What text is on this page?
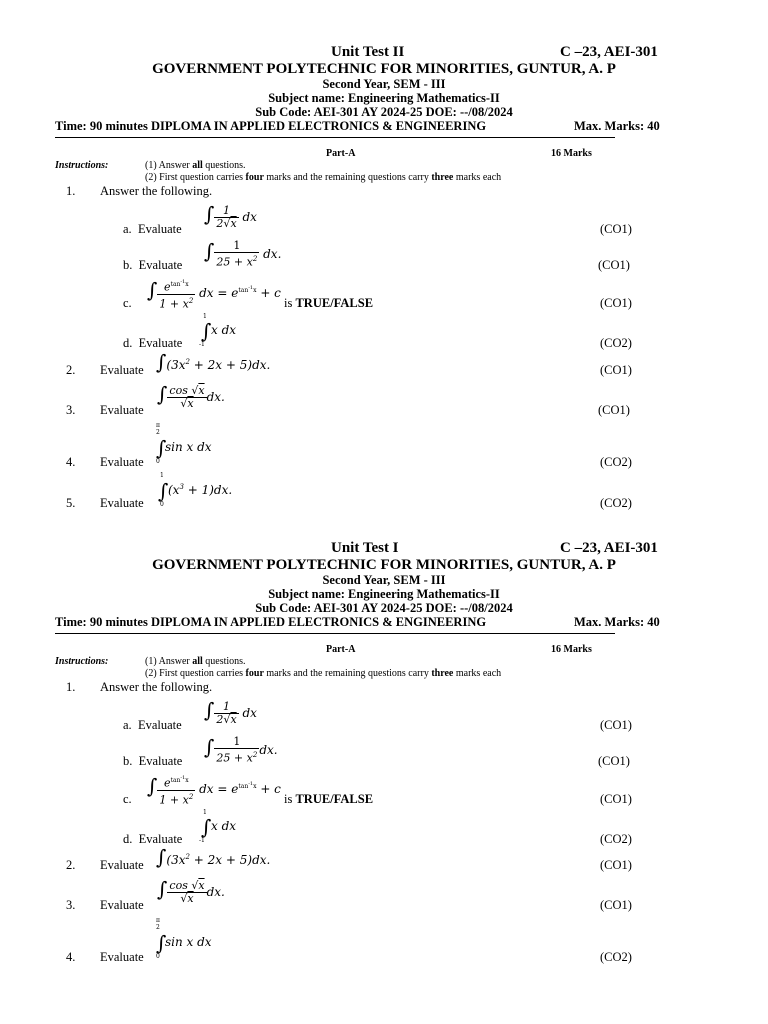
Unit Test II	C –23, AEI-301
GOVERNMENT POLYTECHNIC FOR MINORITIES, GUNTUR, A. P
Second Year, SEM - III
Subject name: Engineering Mathematics-II
Sub Code: AEI-301 AY 2024-25 DOE: --/08/2024
Time: 90 minutes DIPLOMA IN APPLIED ELECTRONICS & ENGINEERING	Max. Marks: 40
Part-A	16 Marks
Instructions:	(1) Answer all questions.
(2) First question carries four marks and the remaining questions carry three marks each
1. Answer the following.
a. Evaluate
∫ $\frac{1}{2√x}$ dx
(CO1)
b. Evaluate
∫ $\frac{1}{25 + x^2}$ dx.
(CO1)
c.
∫ $\frac{e^{tan^{-1}x}}{1 + x^2}$ dx = $e^{tan^{-1}x} + c$
is TRUE/FALSE	(CO1)
d. Evaluate
1
∫ x dx
-1	(CO2)
2. Evaluate $\int(3x^2 + 2x + 5)dx$.	(CO1)
3. Evaluate
∫ $\frac{\cos √x}{√x}$ dx.
(CO1)
4. Evaluate
π
2
∫
sin x dx
0	(CO2)
5. Evaluate
1
∫ $(x^3 + 1)dx$.
0	(CO2)
Unit Test I	C –23, AEI-301
GOVERNMENT POLYTECHNIC FOR MINORITIES, GUNTUR, A. P
Second Year, SEM - III
Subject name: Engineering Mathematics-II
Sub Code: AEI-301 AY 2024-25 DOE: --/08/2024
Time: 90 minutes DIPLOMA IN APPLIED ELECTRONICS & ENGINEERING	Max. Marks: 40
Part-A	16 Marks
Instructions:	(1) Answer all questions.
(2) First question carries four marks and the remaining questions carry three marks each
1. Answer the following.
a. Evaluate
∫ $\frac{1}{2√x}$ dx
(CO1)
b. Evaluate
∫ $\frac{1}{25 + x^2}$ dx.
(CO1)
c.
∫ $\frac{e^{tan^{-1}x}}{1 + x^2}$ dx = $e^{tan^{-1}x} + c$
is TRUE/FALSE	(CO1)
d. Evaluate
1
∫ x dx
-1	(CO2)
2. Evaluate $\int(3x^2 + 2x + 5)dx$.	(CO1)
3. Evaluate
∫ $\frac{\cos √x}{√x}$ dx.
(CO1)
4. Evaluate
π
2
∫
sin x dx
0	(CO2)
